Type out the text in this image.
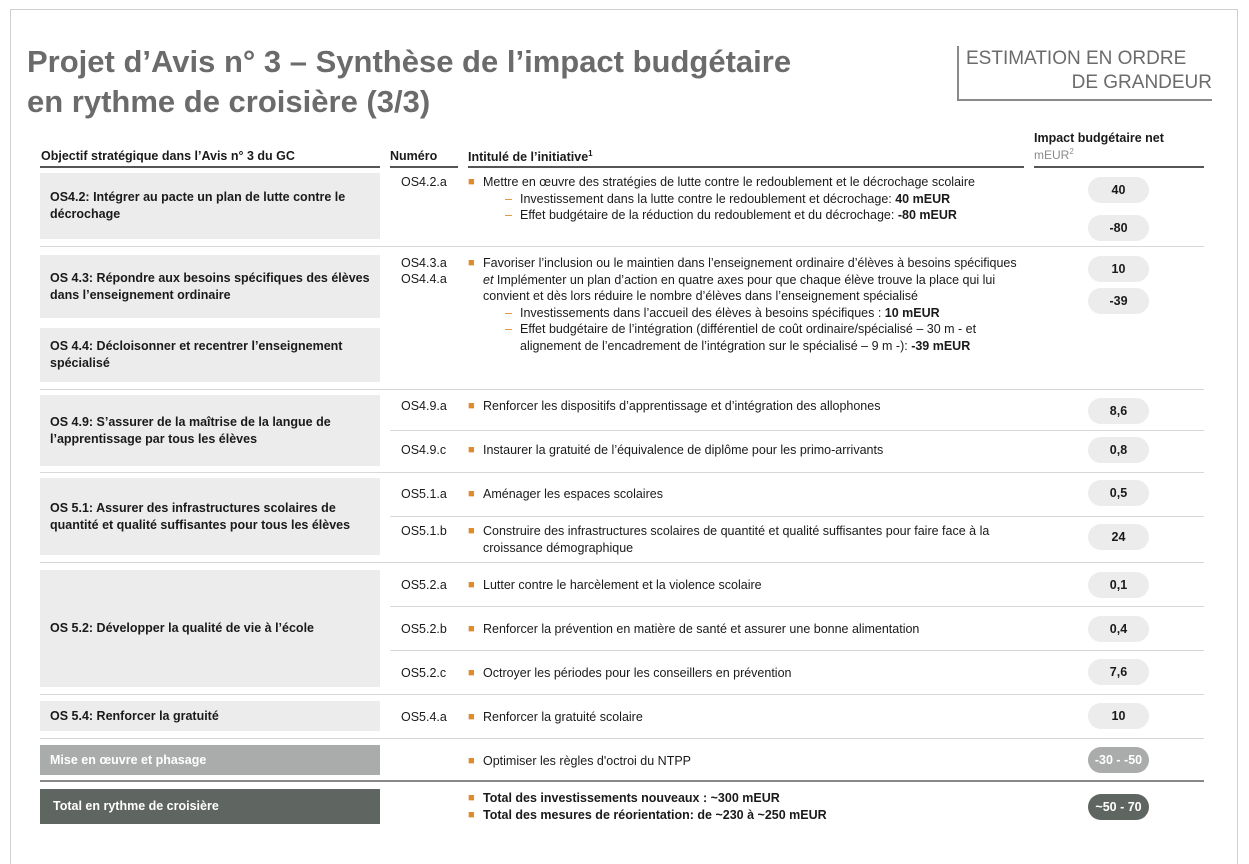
Projet d’Avis n° 3 – Synthèse de l’impact budgétaire
en rythme de croisière (3/3)
ESTIMATION EN ORDRE
DE GRANDEUR
Objectif stratégique dans l’Avis n° 3 du GC	Numéro Intitulé de l’initiative$^1$
Impact budgétaire net
mEUR$^2$
OS4.2: Intégrer au pacte un plan de lutte contre le décrochage
OS 4.3: Répondre aux besoins spécifiques des élèves dans l’enseignement ordinaire
OS 4.4: Décloisonner et recentrer l’enseignement spécialisé
OS 4.9: S’assurer de la maîtrise de la langue de l’apprentissage par tous les élèves
OS 5.1: Assurer des infrastructures scolaires de quantité et qualité suffisantes pour tous les élèves
OS 5.2: Développer la qualité de vie à l’école
OS 5.4: Renforcer la gratuité
Mise en œuvre et phasage
Total en rythme de croisière
OS4.2.a
OS4.3.a
OS4.4.a
OS4.9.a
OS4.9.c
OS5.1.a
OS5.1.b
OS5.2.a
OS5.2.b
OS5.2.c
OS5.4.a
■ Mettre en œuvre des stratégies de lutte contre le redoublement et le décrochage scolaire
– Investissement dans la lutte contre le redoublement et décrochage: 40 mEUR
– Effet budgétaire de la réduction du redoublement et du décrochage: -80 mEUR
■ Favoriser l’inclusion ou le maintien dans l’enseignement ordinaire d’élèves à besoins spécifiques et Implémenter un plan d’action en quatre axes pour que chaque élève trouve la place qui lui convient et dès lors réduire le nombre d’élèves dans l’enseignement spécialisé
– Investissements dans l’accueil des élèves à besoins spécifiques : 10 mEUR
– Effet budgétaire de l’intégration (différentiel de coût ordinaire/spécialisé – 30 m - et alignement de l’encadrement de l’intégration sur le spécialisé – 9 m -): -39 mEUR
■ Renforcer les dispositifs d’apprentissage et d’intégration des allophones
■ Instaurer la gratuité de l’équivalence de diplôme pour les primo-arrivants
■ Aménager les espaces scolaires
■ Construire des infrastructures scolaires de quantité et qualité suffisantes pour faire face à la croissance démographique
■ Lutter contre le harcèlement et la violence scolaire
■ Renforcer la prévention en matière de santé et assurer une bonne alimentation
■ Octroyer les périodes pour les conseillers en prévention
■ Renforcer la gratuité scolaire
■ Optimiser les règles d'octroi du NTPP
■ Total des investissements nouveaux : ~300 mEUR
■ Total des mesures de réorientation: de ~230 à ~250 mEUR
40
-80
10
-39
8,6
0,8
0,5
24
0,1
0,4
7,6
10
-30 - -50
~50 - 70
